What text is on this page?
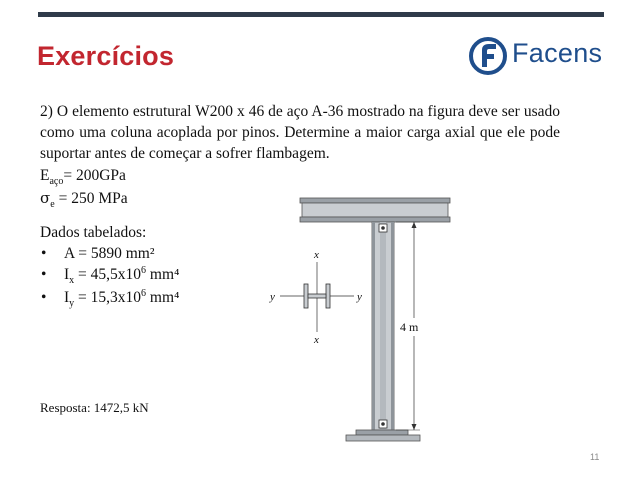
Exercícios	Facens
2) O elemento estrutural W200 x 46 de aço A-36 mostrado na figura deve ser usado como uma coluna acoplada por pinos. Determine a maior carga axial que ele pode suportar antes de começar a sofrer flambagem.
$E_{aço}= 200GPa$
$\sigma_e = 250$ MPa
Dados tabelados:
• A = 5890 mm²
• $I_x = 45,5x10^6$ mm⁴
• $I_y = 15,3x10^6$ mm⁴
Resposta: 1472,5 kN
4 m
x
x
y	y
11
